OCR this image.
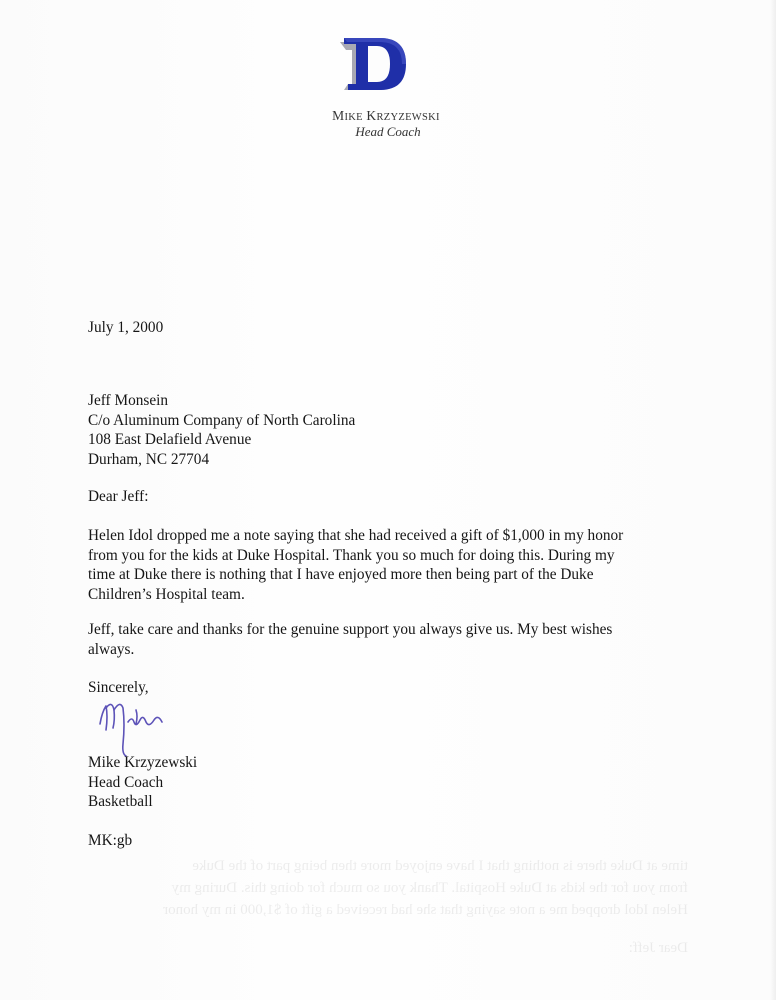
MIKE KRZYZEWSKI
Head Coach
July 1, 2000
Jeff Monsein
C/o Aluminum Company of North Carolina
108 East Delafield Avenue
Durham, NC 27704
Dear Jeff:
Helen Idol dropped me a note saying that she had received a gift of $1,000 in my honor
from you for the kids at Duke Hospital. Thank you so much for doing this. During my
time at Duke there is nothing that I have enjoyed more then being part of the Duke
Children’s Hospital team.
Jeff, take care and thanks for the genuine support you always give us. My best wishes
always.
Sincerely,
Mike Krzyzewski
Head Coach
Basketball
MK:gb
time at Duke there is nothing that I have enjoyed more then being part of the Duke
from you for the kids at Duke Hospital. Thank you so much for doing this. During my
Helen Idol dropped me a note saying that she had received a gift of $1,000 in my honor
Dear Jeff:
